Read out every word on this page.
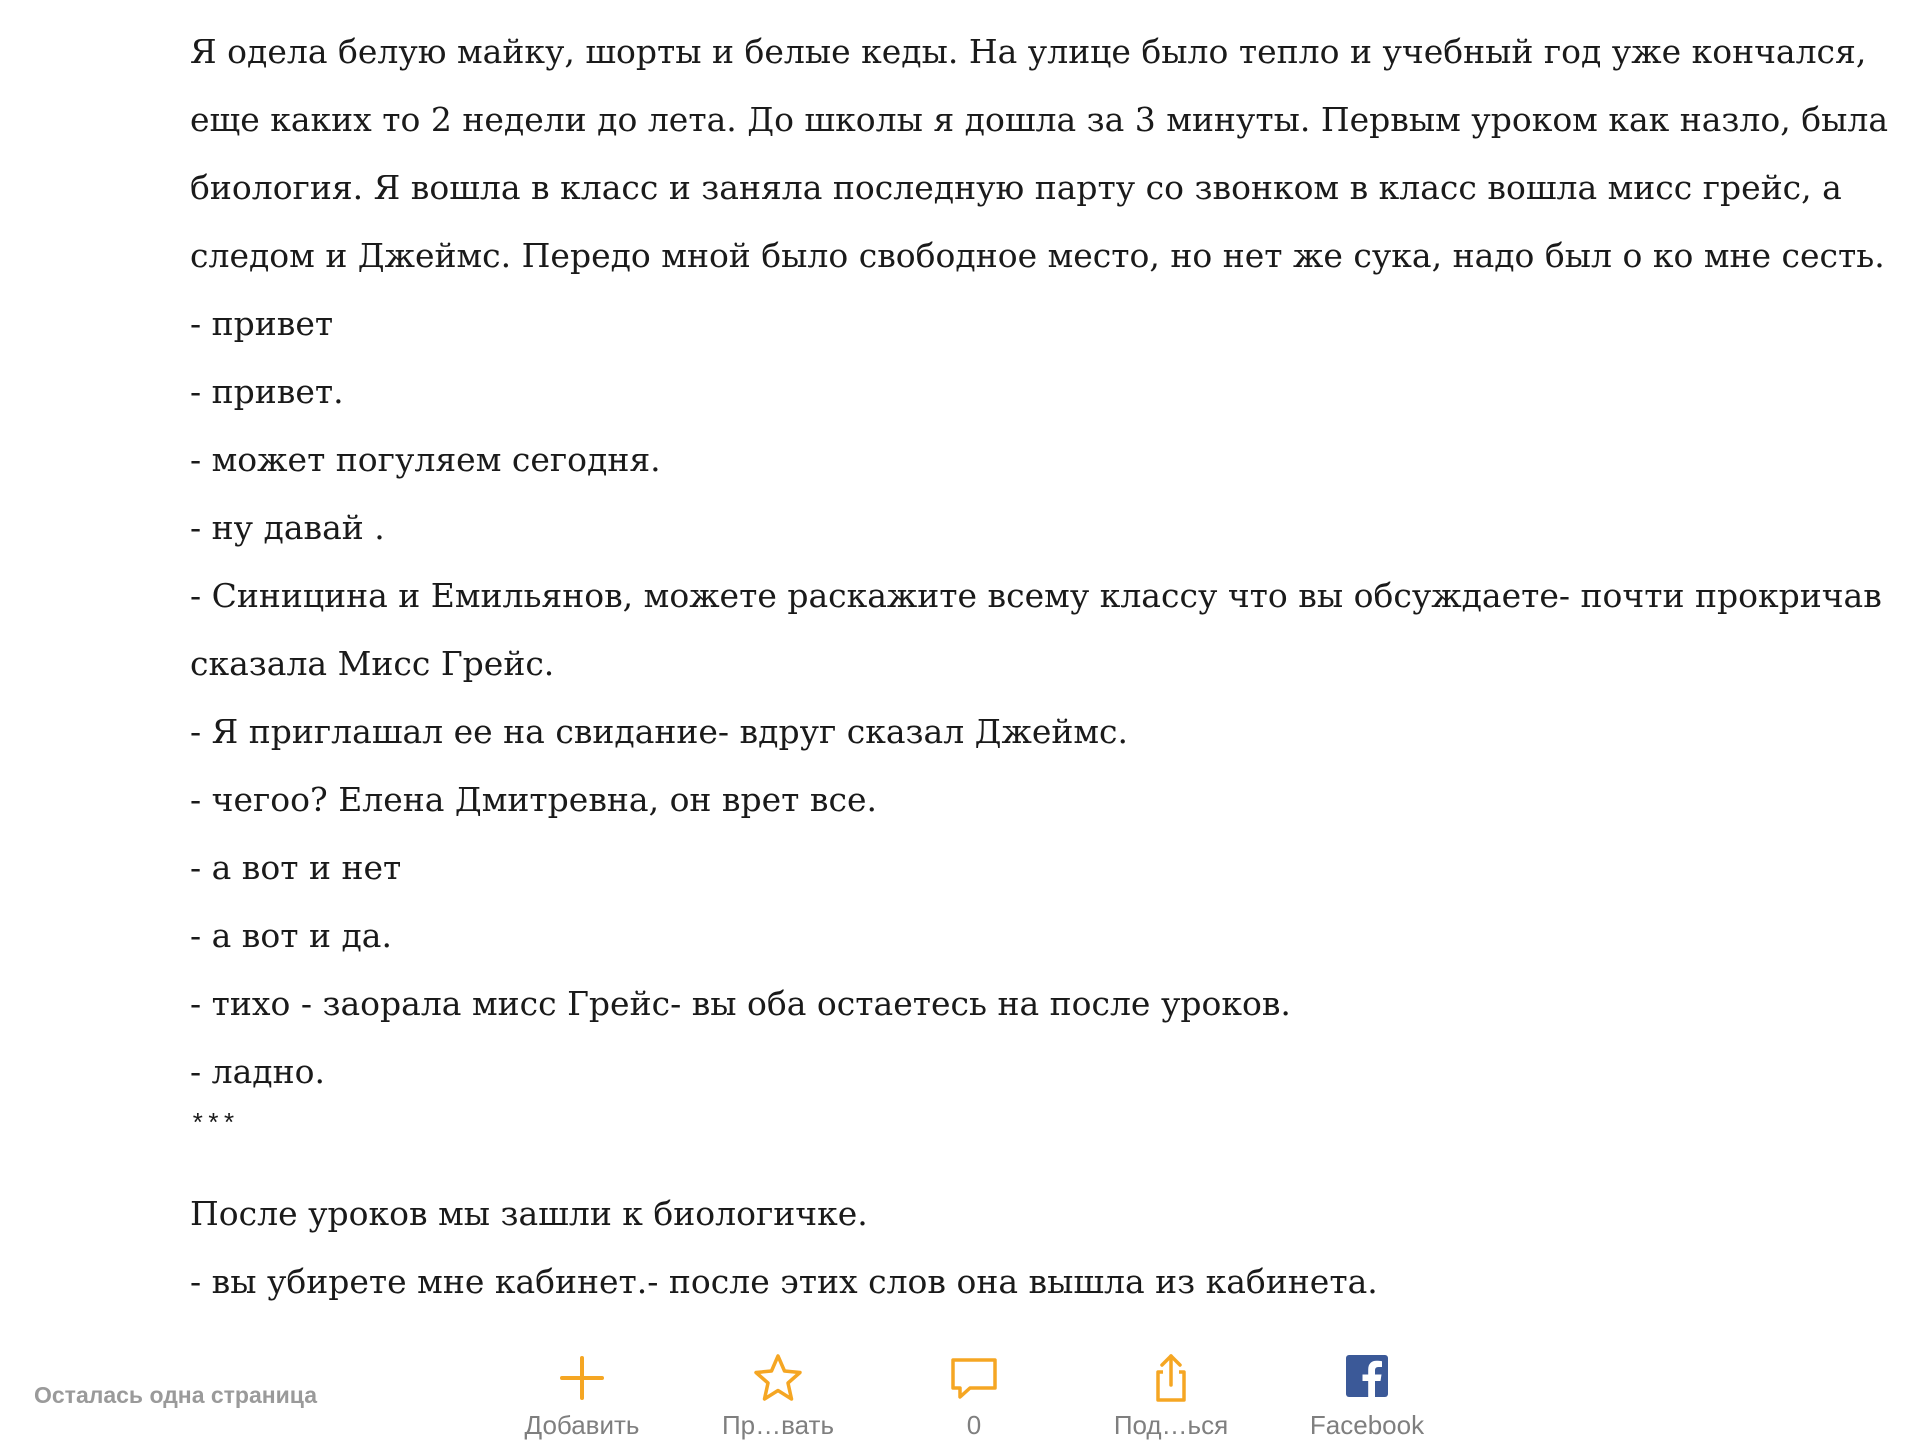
Я одела белую майку, шорты и белые кеды. На улице было тепло и учебный год уже кончался,
еще каких то 2 недели до лета. До школы я дошла за 3 минуты. Первым уроком как назло, была
биология. Я вошла в класс и заняла последную парту со звонком в класс вошла мисс грейс, а
следом и Джеймс. Передо мной было свободное место, но нет же сука, надо был о ко мне сесть.
- привет
- привет.
- может погуляем сегодня.
- ну давай .
- Синицина и Емильянов, можете раскажите всему классу что вы обсуждаете- почти прокричав
сказала Мисс Грейс.
- Я приглашал ее на свидание- вдруг сказал Джеймс.
- чегоо? Елена Дмитревна, он врет все.
- а вот и нет
- а вот и да.
- тихо - заорала мисс Грейс- вы оба остаетесь на после уроков.
- ладно.
***
После уроков мы зашли к биологичке.
- вы убирете мне кабинет.- после этих слов она вышла из кабинета.
Осталась одна страница
Добавить	Пр…вать	0	Под…ься	Facebook
